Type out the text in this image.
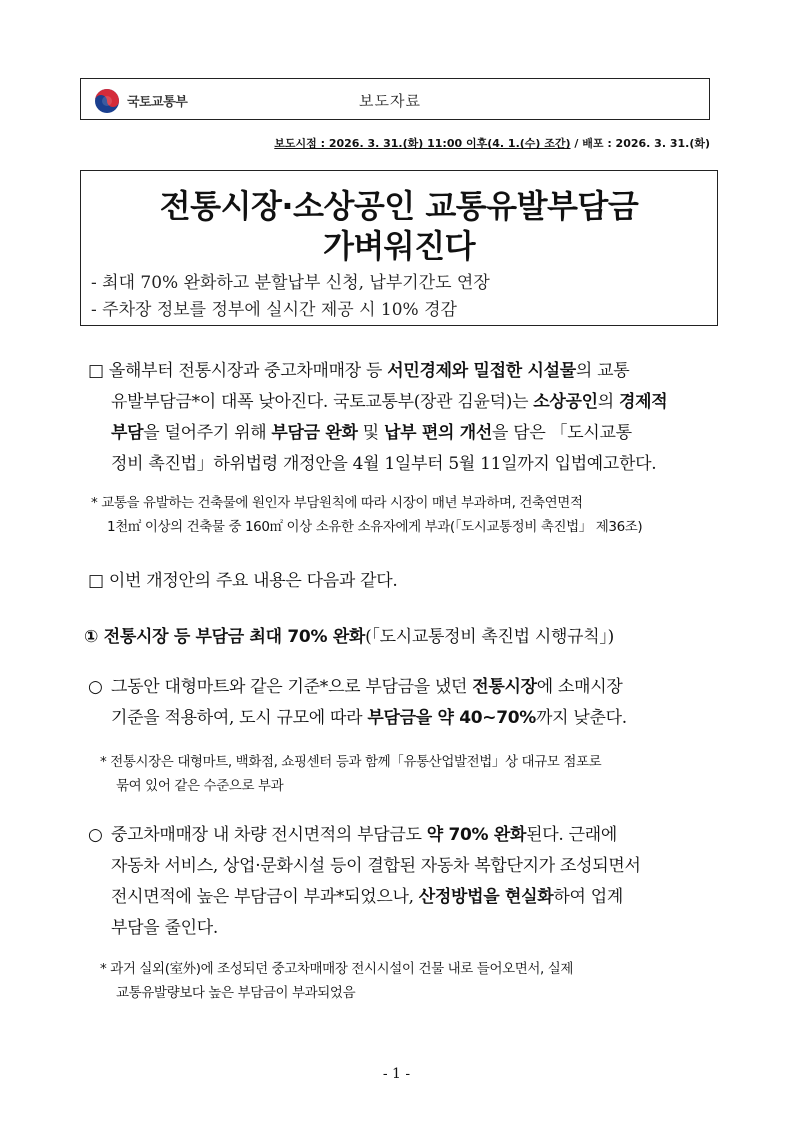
국토교통부	보도자료
보도시점 : 2026. 3. 31.(화) 11:00 이후(4. 1.(수) 조간) / 배포 : 2026. 3. 31.(화)
전통시장·소상공인 교통유발부담금
가벼워진다
- 최대 70% 완화하고 분할납부 신청, 납부기간도 연장
- 주차장 정보를 정부에 실시간 제공 시 10% 경감
□ 올해부터 전통시장과 중고차매매장 등 서민경제와 밀접한 시설물의 교통
유발부담금*이 대폭 낮아진다. 국토교통부(장관 김윤덕)는 소상공인의 경제적
부담을 덜어주기 위해 부담금 완화 및 납부 편의 개선을 담은 「도시교통
정비 촉진법」하위법령 개정안을 4월 1일부터 5월 11일까지 입법예고한다.
* 교통을 유발하는 건축물에 원인자 부담원칙에 따라 시장이 매년 부과하며, 건축연면적
1천㎡ 이상의 건축물 중 160㎡ 이상 소유한 소유자에게 부과(「도시교통정비 촉진법」 제36조)
□ 이번 개정안의 주요 내용은 다음과 같다.
① 전통시장 등 부담금 최대 70% 완화(「도시교통정비 촉진법 시행규칙」)
○ 그동안 대형마트와 같은 기준*으로 부담금을 냈던 전통시장에 소매시장
기준을 적용하여, 도시 규모에 따라 부담금을 약 40~70%까지 낮춘다.
* 전통시장은 대형마트, 백화점, 쇼핑센터 등과 함께「유통산업발전법」상 대규모 점포로
묶여 있어 같은 수준으로 부과
○ 중고차매매장 내 차량 전시면적의 부담금도 약 70% 완화된다. 근래에
자동차 서비스, 상업·문화시설 등이 결합된 자동차 복합단지가 조성되면서
전시면적에 높은 부담금이 부과*되었으나, 산정방법을 현실화하여 업계
부담을 줄인다.
* 과거 실외(室外)에 조성되던 중고차매매장 전시시설이 건물 내로 들어오면서, 실제
교통유발량보다 높은 부담금이 부과되었음
- 1 -
